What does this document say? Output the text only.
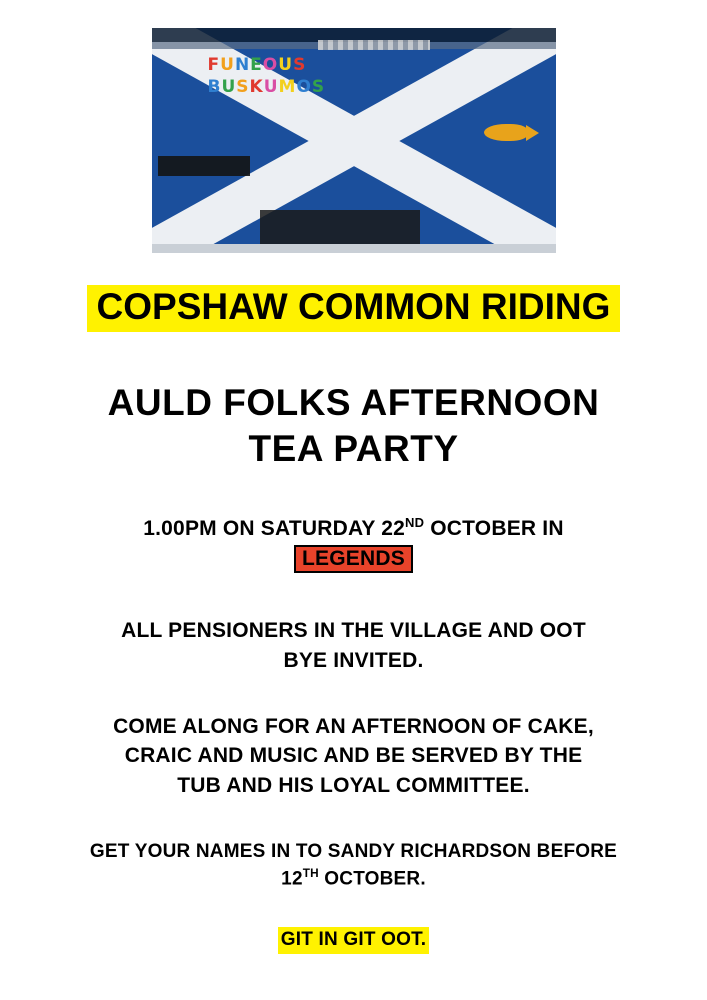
FUNEOUS
BUSKUMOS
COPSHAW COMMON RIDING
AULD FOLKS AFTERNOON
TEA PARTY
1.00PM ON SATURDAY 22ND OCTOBER IN
LEGENDS
ALL PENSIONERS IN THE VILLAGE AND OOT
BYE INVITED.
COME ALONG FOR AN AFTERNOON OF CAKE,
CRAIC AND MUSIC AND BE SERVED BY THE
TUB AND HIS LOYAL COMMITTEE.
GET YOUR NAMES IN TO SANDY RICHARDSON BEFORE
12TH OCTOBER.
GIT IN GIT OOT.
